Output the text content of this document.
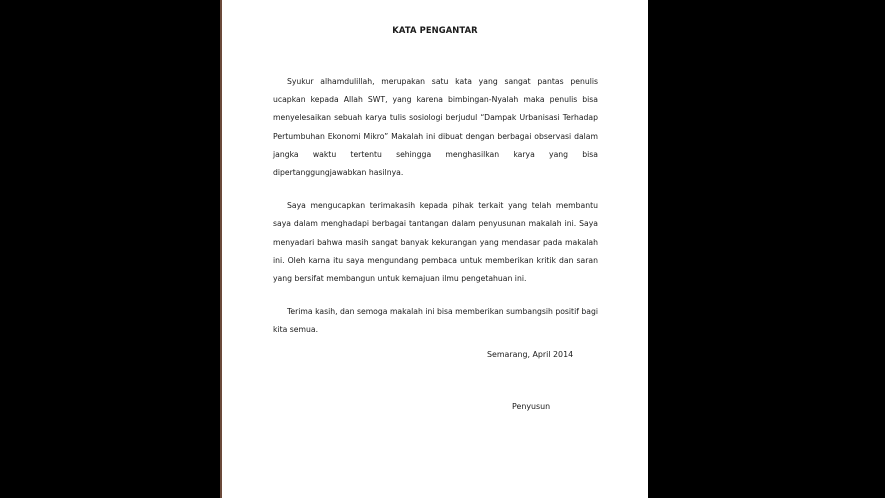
KATA PENGANTAR

Syukur alhamdulillah, merupakan satu kata yang sangat pantas penulis ucapkan kepada Allah SWT, yang karena bimbingan-Nyalah maka penulis bisa menyelesaikan sebuah karya tulis sosiologi berjudul “Dampak Urbanisasi Terhadap Pertumbuhan Ekonomi Mikro” Makalah ini dibuat dengan berbagai observasi dalam jangka waktu tertentu sehingga menghasilkan karya yang bisa dipertanggungjawabkan hasilnya.

Saya mengucapkan terimakasih kepada pihak terkait yang telah membantu saya dalam menghadapi berbagai tantangan dalam penyusunan makalah ini. Saya menyadari bahwa masih sangat banyak kekurangan yang mendasar pada makalah ini. Oleh karna itu saya mengundang pembaca untuk memberikan kritik dan saran yang bersifat membangun untuk kemajuan ilmu pengetahuan ini.

Terima kasih, dan semoga makalah ini bisa memberikan sumbangsih positif bagi kita semua.

Semarang, April 2014
Penyusun
